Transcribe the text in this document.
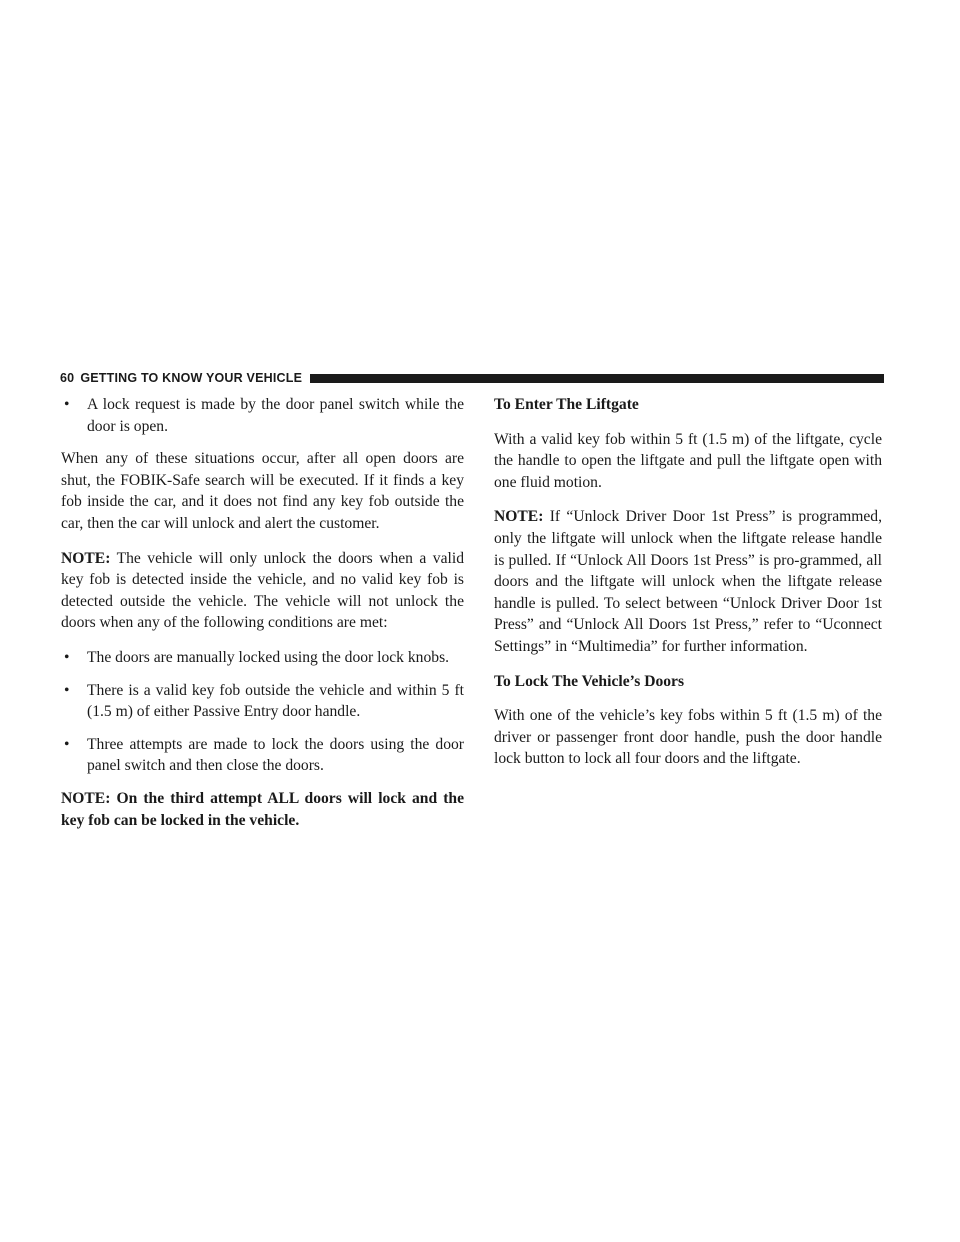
60 GETTING TO KNOW YOUR VEHICLE
• A lock request is made by the door panel switch while the door is open.

When any of these situations occur, after all open doors are shut, the FOBIK-Safe search will be executed. If it finds a key fob inside the car, and it does not find any key fob outside the car, then the car will unlock and alert the customer.

NOTE: The vehicle will only unlock the doors when a valid key fob is detected inside the vehicle, and no valid key fob is detected outside the vehicle. The vehicle will not unlock the doors when any of the following conditions are met:

• The doors are manually locked using the door lock knobs.
• There is a valid key fob outside the vehicle and within 5 ft (1.5 m) of either Passive Entry door handle.
• Three attempts are made to lock the doors using the door panel switch and then close the doors.

NOTE: On the third attempt ALL doors will lock and the key fob can be locked in the vehicle.

To Enter The Liftgate

With a valid key fob within 5 ft (1.5 m) of the liftgate, cycle the handle to open the liftgate and pull the liftgate open with one fluid motion.

NOTE: If “Unlock Driver Door 1st Press” is programmed, only the liftgate will unlock when the liftgate release handle is pulled. If “Unlock All Doors 1st Press” is pro-grammed, all doors and the liftgate will unlock when the liftgate release handle is pulled. To select between “Unlock Driver Door 1st Press” and “Unlock All Doors 1st Press,” refer to “Uconnect Settings” in “Multimedia” for further information.

To Lock The Vehicle’s Doors

With one of the vehicle’s key fobs within 5 ft (1.5 m) of the driver or passenger front door handle, push the door handle lock button to lock all four doors and the liftgate.
